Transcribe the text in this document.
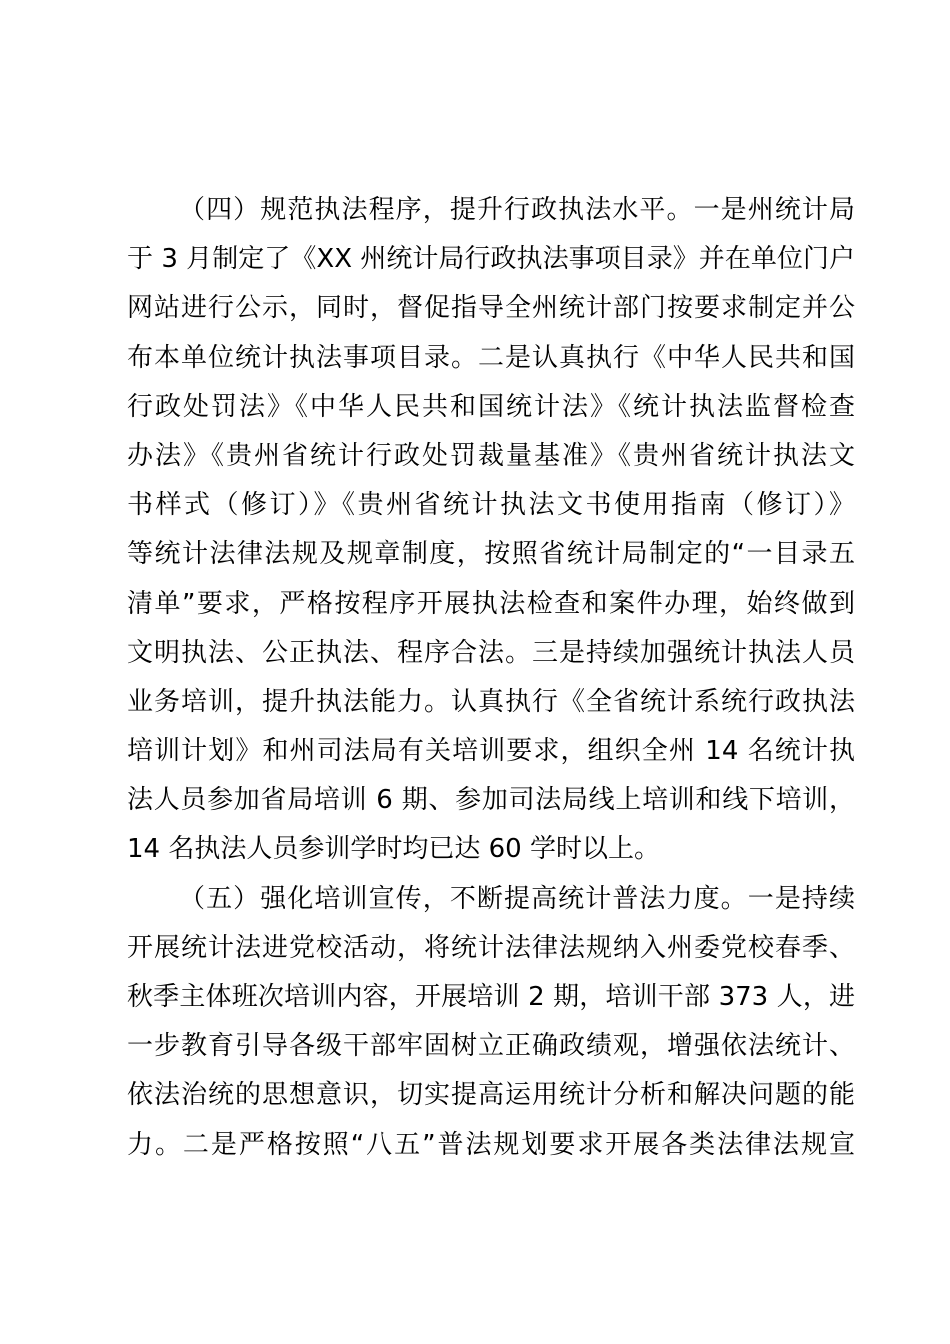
（四）规范执法程序，提升行政执法水平。一是州统计局
于 3 月制定了《XX 州统计局行政执法事项目录》并在单位门户
网站进行公示，同时，督促指导全州统计部门按要求制定并公
布本单位统计执法事项目录。二是认真执行《中华人民共和国
行政处罚法》《中华人民共和国统计法》《统计执法监督检查
办法》《贵州省统计行政处罚裁量基准》《贵州省统计执法文
书样式（修订）》《贵州省统计执法文书使用指南（修订）》
等统计法律法规及规章制度，按照省统计局制定的“一目录五
清单”要求，严格按程序开展执法检查和案件办理，始终做到
文明执法、公正执法、程序合法。三是持续加强统计执法人员
业务培训，提升执法能力。认真执行《全省统计系统行政执法
培训计划》和州司法局有关培训要求，组织全州 14 名统计执
法人员参加省局培训 6 期、参加司法局线上培训和线下培训，
14 名执法人员参训学时均已达 60 学时以上。
（五）强化培训宣传，不断提高统计普法力度。一是持续
开展统计法进党校活动，将统计法律法规纳入州委党校春季、
秋季主体班次培训内容，开展培训 2 期，培训干部 373 人，进
一步教育引导各级干部牢固树立正确政绩观，增强依法统计、
依法治统的思想意识，切实提高运用统计分析和解决问题的能
力。二是严格按照“八五”普法规划要求开展各类法律法规宣
